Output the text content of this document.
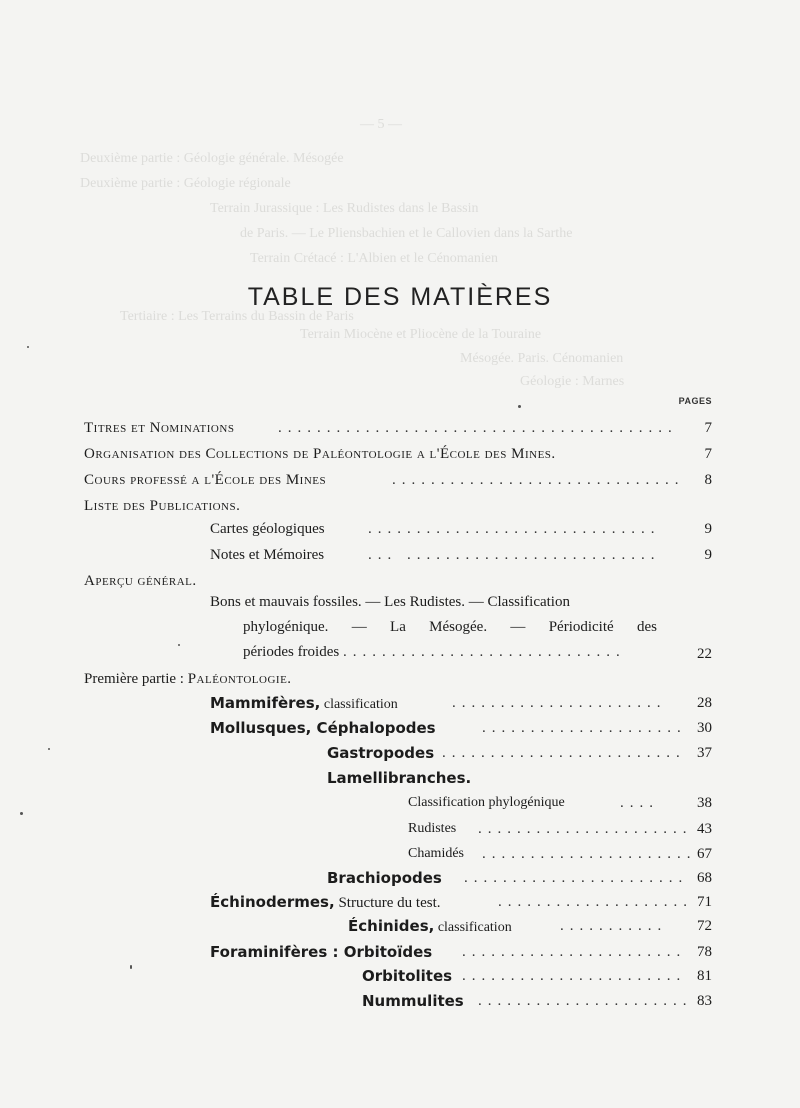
— 5 —
Deuxième partie : Géologie générale. Mésogée
Deuxième partie : Géologie régionale
Terrain Jurassique : Les Rudistes dans le Bassin
de Paris. — Le Pliensbachien et le Callovien dans la Sarthe
Terrain Crétacé : L'Albien et le Cénomanien
Tertiaire : Les Terrains du Bassin de Paris
Terrain Miocène et Pliocène de la Touraine
Mésogée. Paris. Cénomanien
Géologie : Marnes
TABLE DES MATIÈRES
PAGES
Titres et Nominations	......................................... 7
Organisation des Collections de Paléontologie a l'École des Mines.	7
Cours professé a l'École des Mines	.............................. 8
Liste des Publications.
Cartes géologiques	..............................	9
Notes et Mémoires	... ..........................	9
Aperçu général.
Bons et mauvais fossiles. — Les Rudistes. — Classification
phylogénique. — La Mésogée. — Périodicité des
périodes froides .............................	22
Première partie : Paléontologie.
Mammifères, classification	...................... 28
Mollusques, Céphalopodes	..................... 30
Gastropodes ......................... 37
Lamellibranches.
Classification phylogénique	....	38
Rudistes ...................... 43
Chamidés ...................... 67
Brachiopodes ....................... 68
Échinodermes, Structure du test.	.................... 71
Échinides, classification	........... 72
Foraminifères : Orbitoïdes ....................... 78
Orbitolites ....................... 81
Nummulites ...................... 83
